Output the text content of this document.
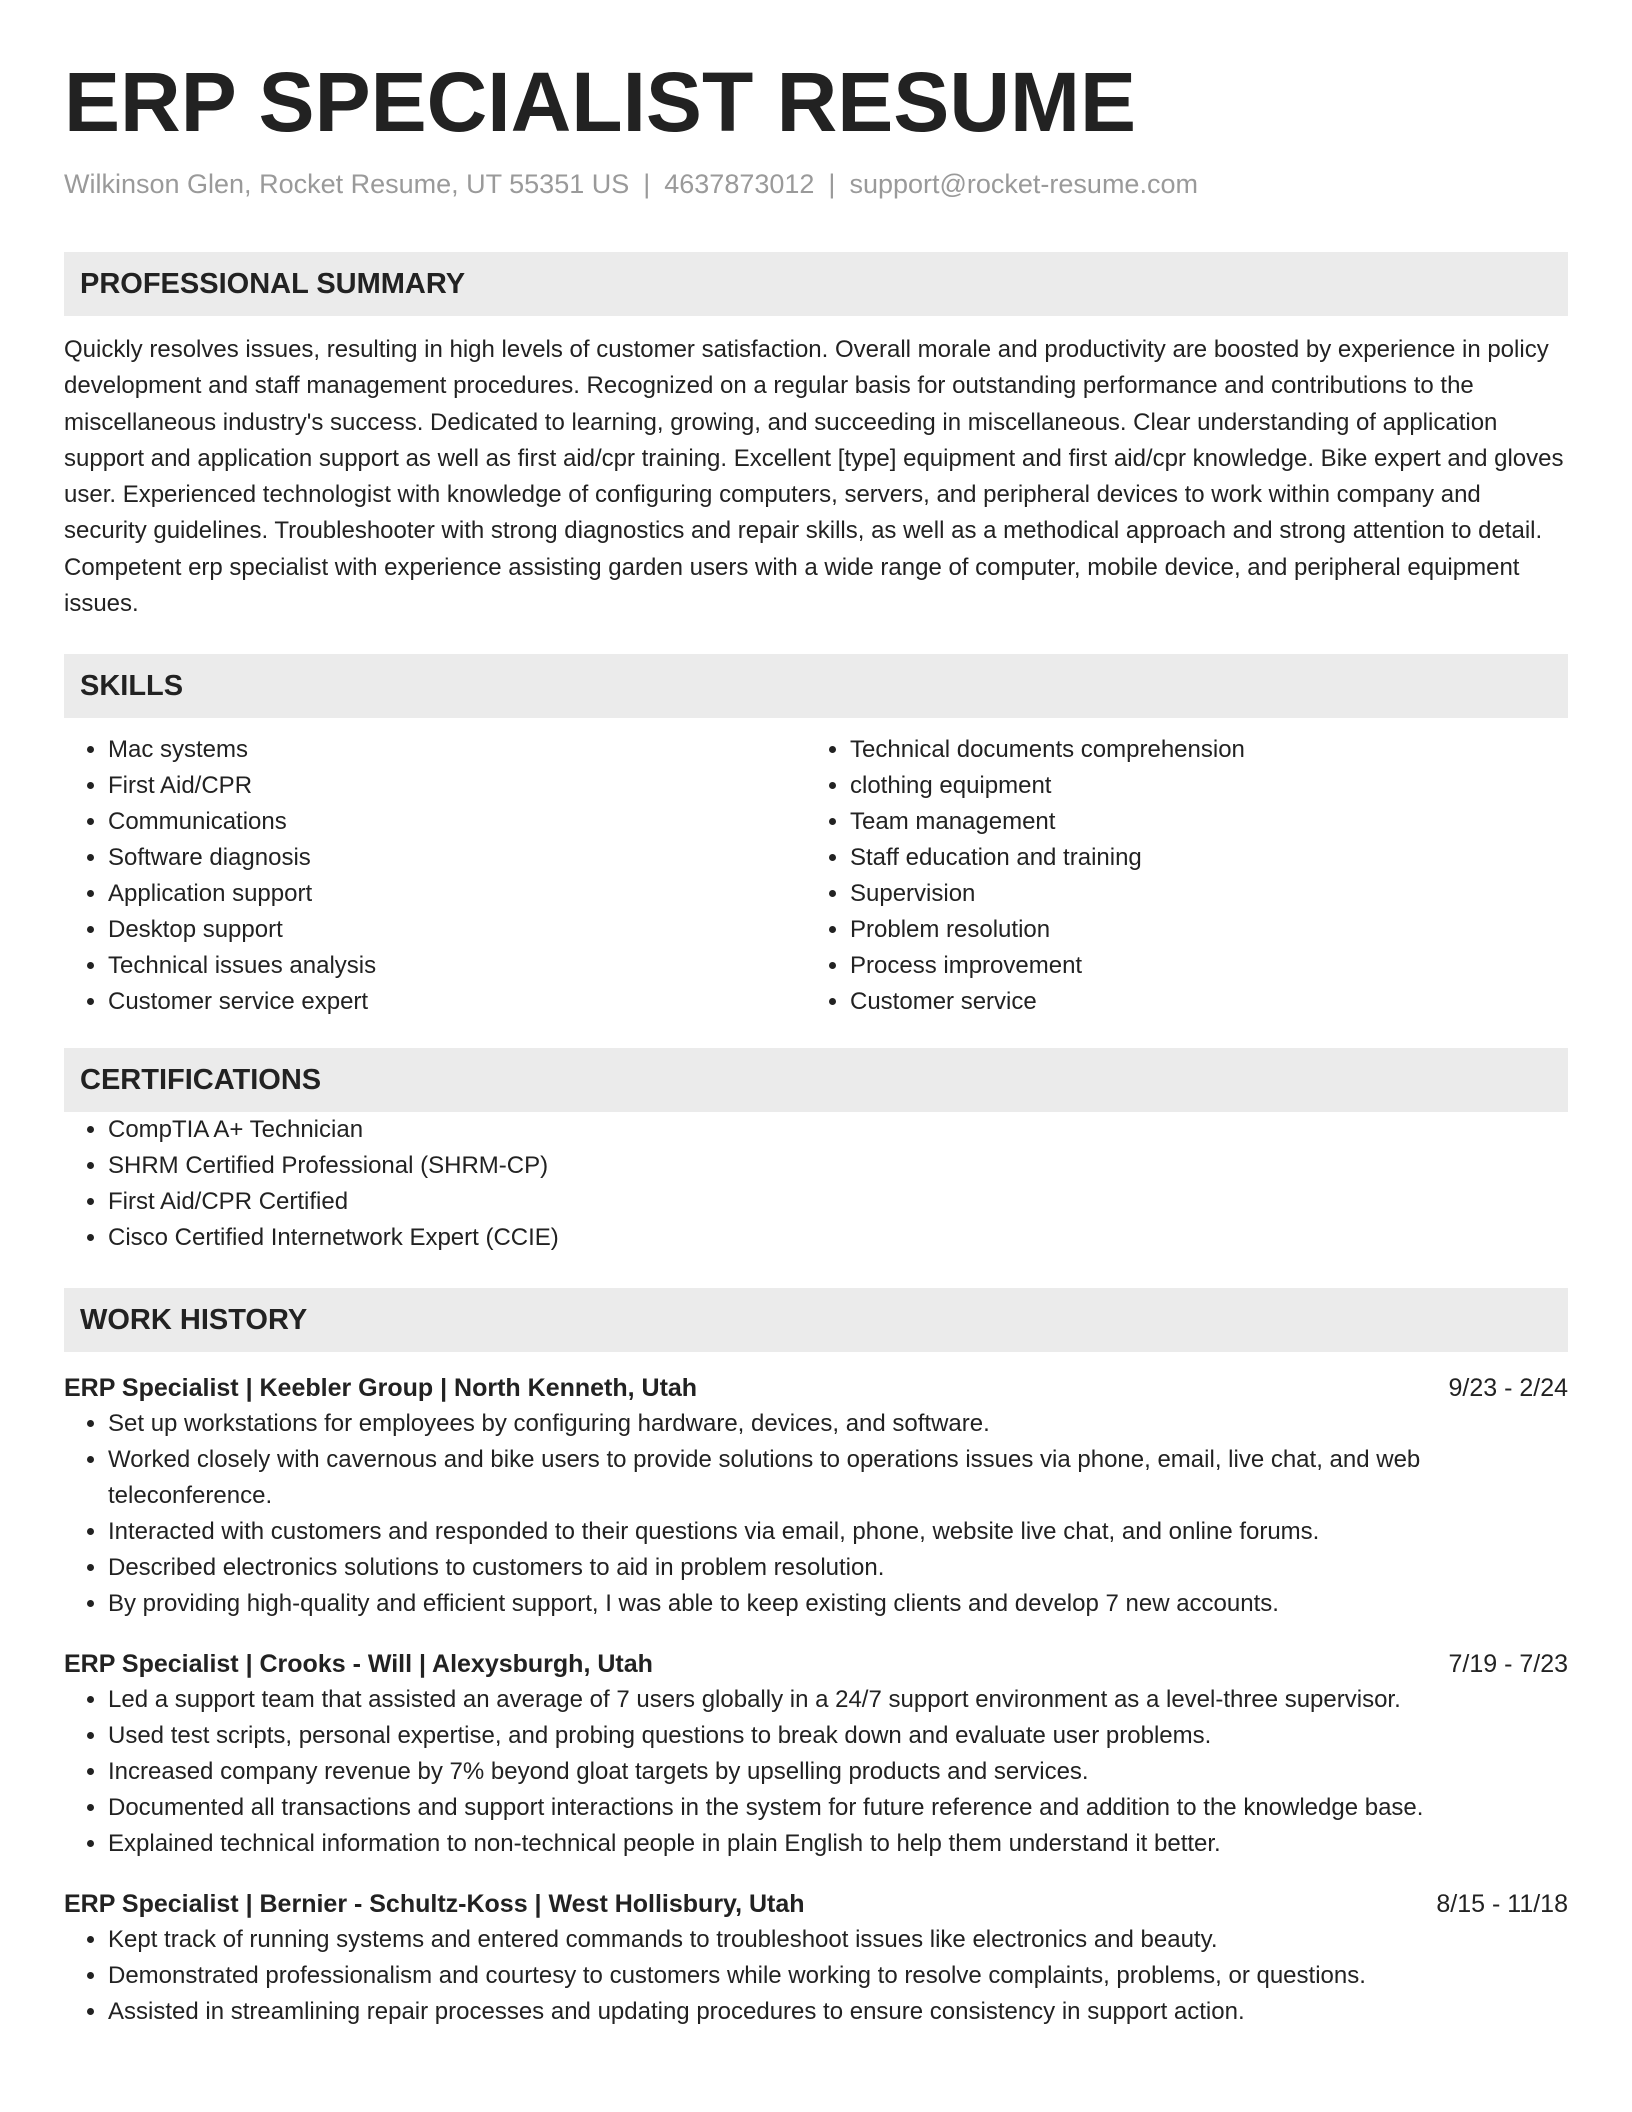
ERP SPECIALIST RESUME
Wilkinson Glen, Rocket Resume, UT 55351 US | 4637873012 | support@rocket-resume.com
PROFESSIONAL SUMMARY

Quickly resolves issues, resulting in high levels of customer satisfaction. Overall morale and productivity are boosted by experience in policy development and staff management procedures. Recognized on a regular basis for outstanding performance and contributions to the miscellaneous industry's success. Dedicated to learning, growing, and succeeding in miscellaneous. Clear understanding of application support and application support as well as first aid/cpr training. Excellent [type] equipment and first aid/cpr knowledge. Bike expert and gloves user. Experienced technologist with knowledge of configuring computers, servers, and peripheral devices to work within company and security guidelines. Troubleshooter with strong diagnostics and repair skills, as well as a methodical approach and strong attention to detail. Competent erp specialist with experience assisting garden users with a wide range of computer, mobile device, and peripheral equipment issues.

SKILLS
• Mac systems
• First Aid/CPR
• Communications
• Software diagnosis
• Application support
• Desktop support
• Technical issues analysis
• Customer service expert
• Technical documents comprehension
• clothing equipment
• Team management
• Staff education and training
• Supervision
• Problem resolution
• Process improvement
• Customer service
CERTIFICATIONS
• CompTIA A+ Technician
• SHRM Certified Professional (SHRM-CP)
• First Aid/CPR Certified
• Cisco Certified Internetwork Expert (CCIE)
WORK HISTORY
ERP Specialist | Keebler Group | North Kenneth, Utah	9/23 - 2/24
• Set up workstations for employees by configuring hardware, devices, and software.
• Worked closely with cavernous and bike users to provide solutions to operations issues via phone, email, live chat, and web teleconference.
• Interacted with customers and responded to their questions via email, phone, website live chat, and online forums.
• Described electronics solutions to customers to aid in problem resolution.
• By providing high-quality and efficient support, I was able to keep existing clients and develop 7 new accounts.
ERP Specialist | Crooks - Will | Alexysburgh, Utah	7/19 - 7/23
• Led a support team that assisted an average of 7 users globally in a 24/7 support environment as a level-three supervisor.
• Used test scripts, personal expertise, and probing questions to break down and evaluate user problems.
• Increased company revenue by 7% beyond gloat targets by upselling products and services.
• Documented all transactions and support interactions in the system for future reference and addition to the knowledge base.
• Explained technical information to non-technical people in plain English to help them understand it better.
ERP Specialist | Bernier - Schultz-Koss | West Hollisbury, Utah	8/15 - 11/18
• Kept track of running systems and entered commands to troubleshoot issues like electronics and beauty.
• Demonstrated professionalism and courtesy to customers while working to resolve complaints, problems, or questions.
• Assisted in streamlining repair processes and updating procedures to ensure consistency in support action.
